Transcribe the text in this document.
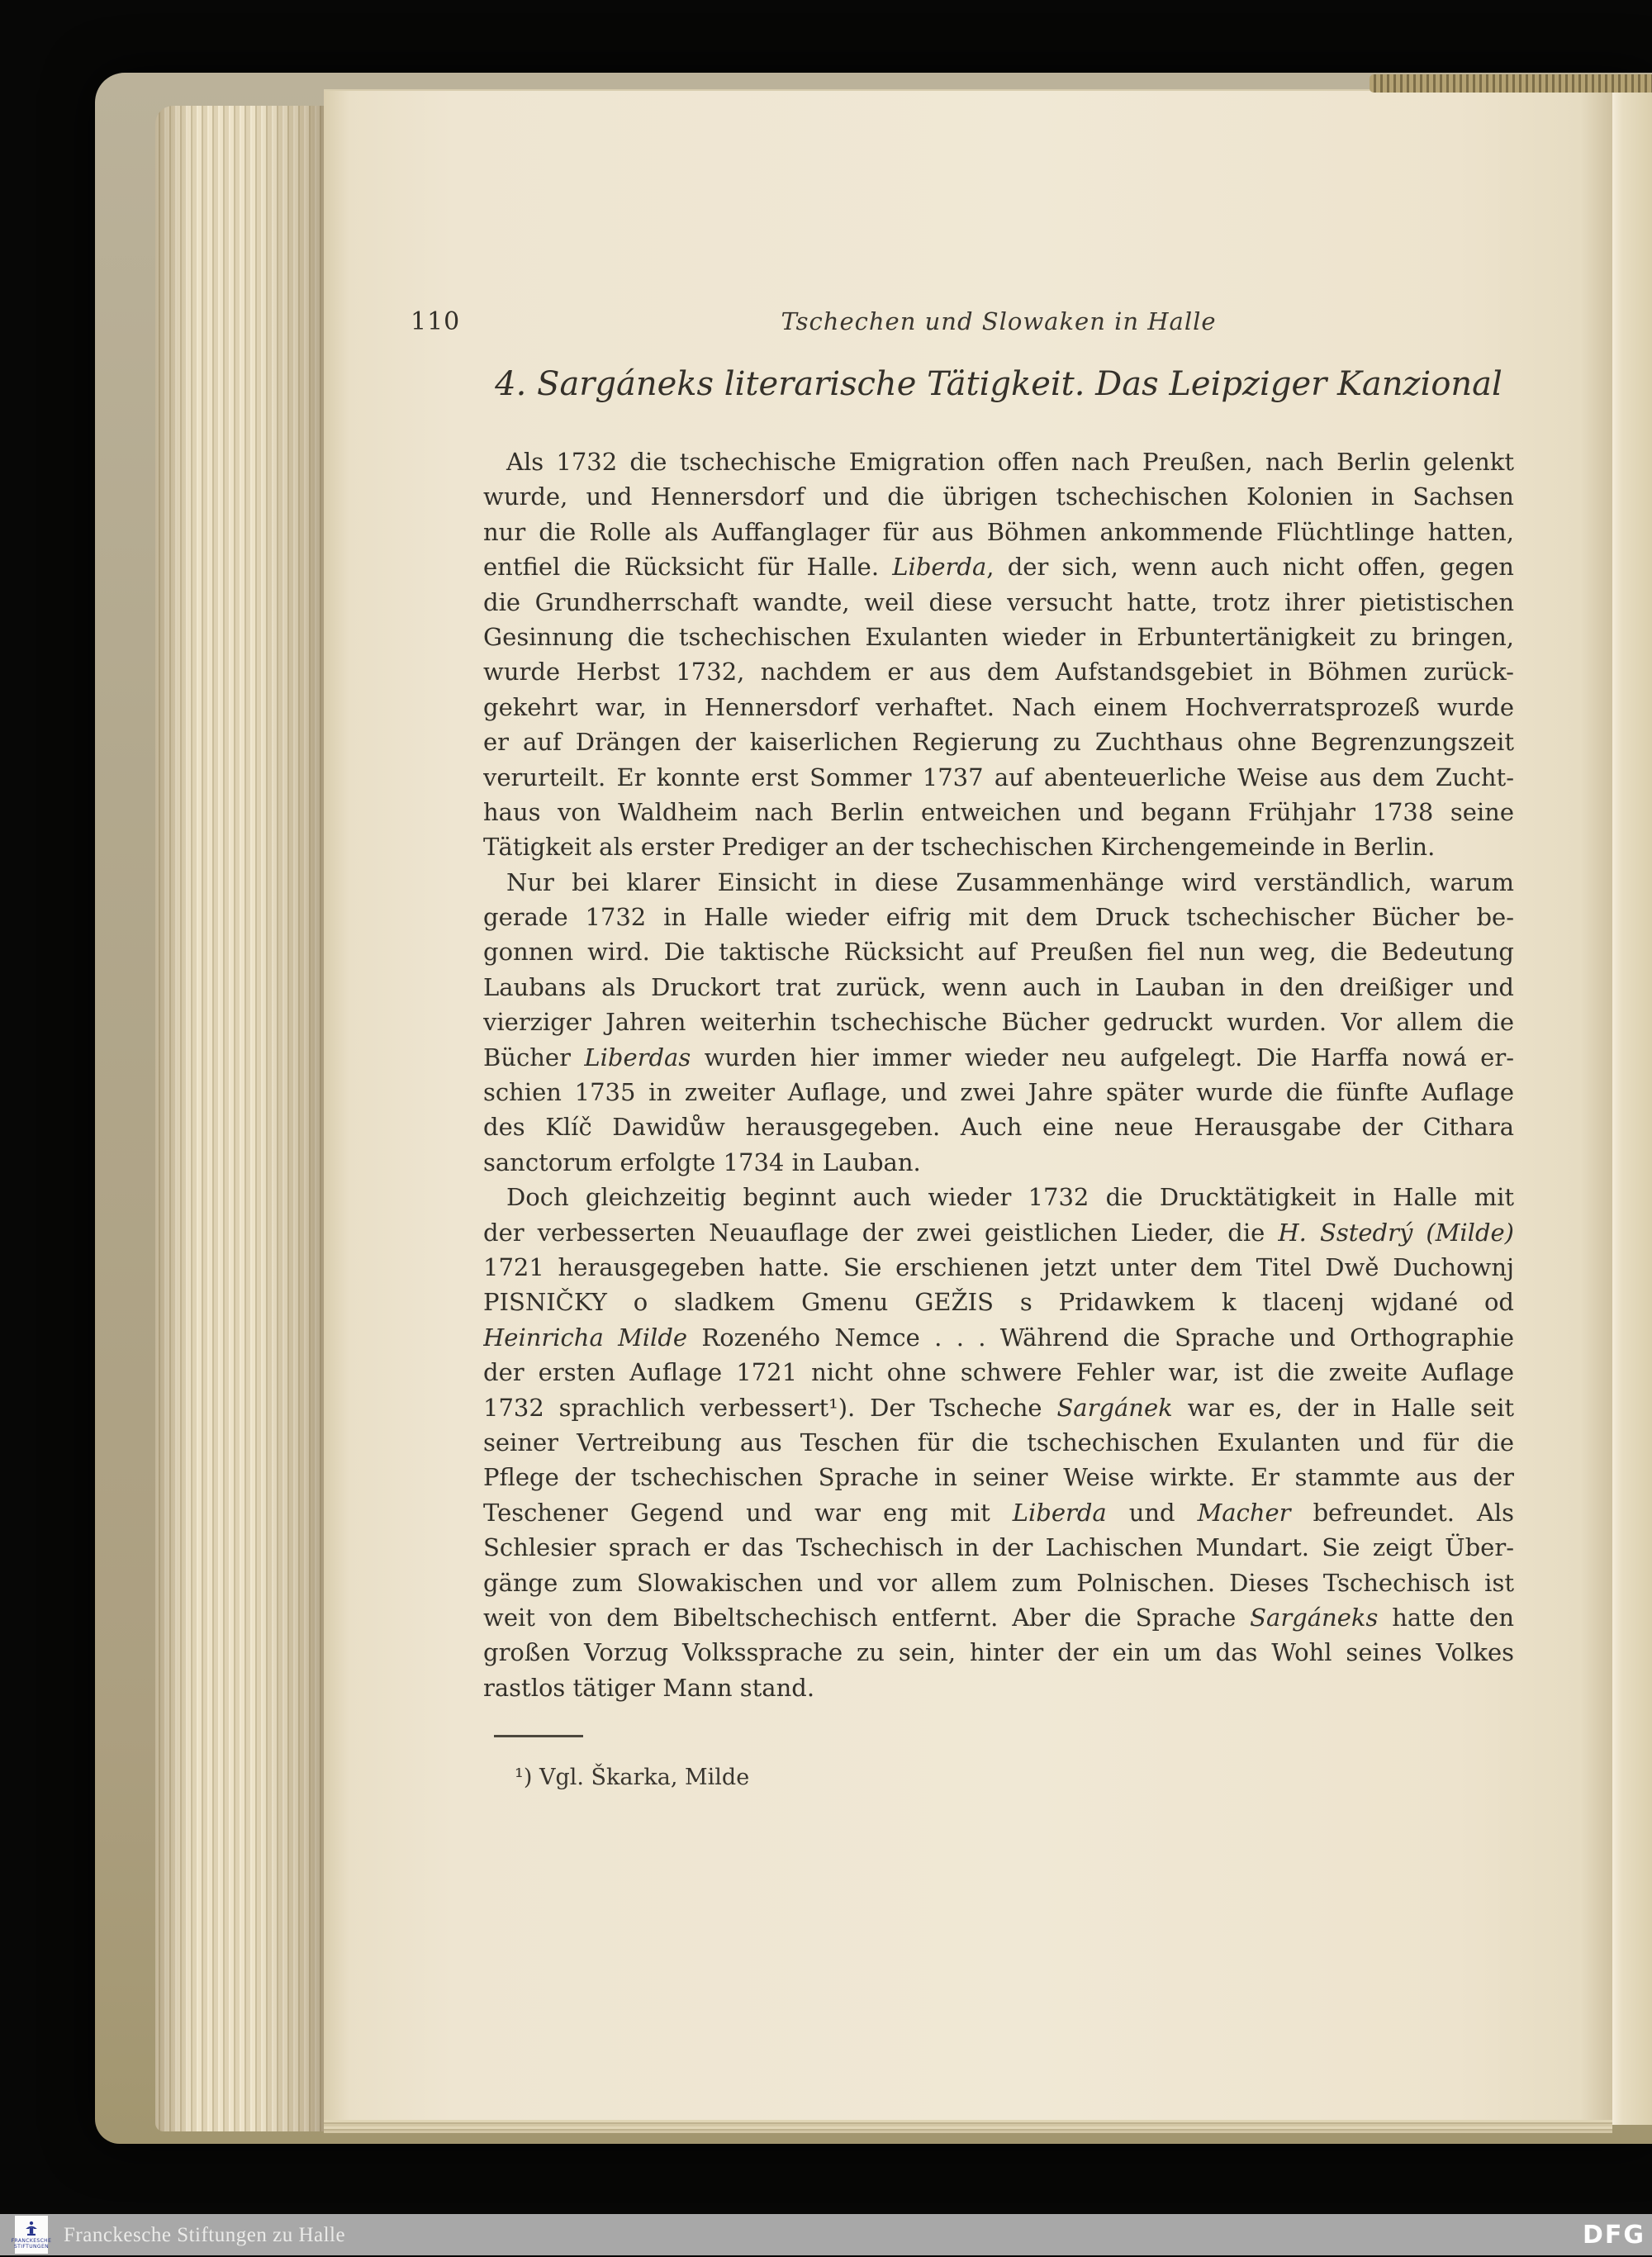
110	Tschechen und Slowaken in Halle
4. Sargáneks literarische Tätigkeit. Das Leipziger Kanzional
Als 1732 die tschechische Emigration offen nach Preußen, nach Berlin gelenkt
wurde, und Hennersdorf und die übrigen tschechischen Kolonien in Sachsen
nur die Rolle als Auffanglager für aus Böhmen ankommende Flüchtlinge hatten,
entfiel die Rücksicht für Halle. Liberda, der sich, wenn auch nicht offen, gegen
die Grundherrschaft wandte, weil diese versucht hatte, trotz ihrer pietistischen
Gesinnung die tschechischen Exulanten wieder in Erbuntertänigkeit zu bringen,
wurde Herbst 1732, nachdem er aus dem Aufstandsgebiet in Böhmen zurück-
gekehrt war, in Hennersdorf verhaftet. Nach einem Hochverratsprozeß wurde
er auf Drängen der kaiserlichen Regierung zu Zuchthaus ohne Begrenzungszeit
verurteilt. Er konnte erst Sommer 1737 auf abenteuerliche Weise aus dem Zucht-
haus von Waldheim nach Berlin entweichen und begann Frühjahr 1738 seine
Tätigkeit als erster Prediger an der tschechischen Kirchengemeinde in Berlin.
Nur bei klarer Einsicht in diese Zusammenhänge wird verständlich, warum
gerade 1732 in Halle wieder eifrig mit dem Druck tschechischer Bücher be-
gonnen wird. Die taktische Rücksicht auf Preußen fiel nun weg, die Bedeutung
Laubans als Druckort trat zurück, wenn auch in Lauban in den dreißiger und
vierziger Jahren weiterhin tschechische Bücher gedruckt wurden. Vor allem die
Bücher Liberdas wurden hier immer wieder neu aufgelegt. Die Harffa nowá er-
schien 1735 in zweiter Auflage, und zwei Jahre später wurde die fünfte Auflage
des Klíč Dawidůw herausgegeben. Auch eine neue Herausgabe der Cithara
sanctorum erfolgte 1734 in Lauban.
Doch gleichzeitig beginnt auch wieder 1732 die Drucktätigkeit in Halle mit
der verbesserten Neuauflage der zwei geistlichen Lieder, die H. Sstedrý (Milde)
1721 herausgegeben hatte. Sie erschienen jetzt unter dem Titel Dwě Duchownj
PISNIČKY o sladkem Gmenu GEŽIS s Pridawkem k tlacenj wjdané od
Heinricha Milde Rozeného Nemce . . . Während die Sprache und Orthographie
der ersten Auflage 1721 nicht ohne schwere Fehler war, ist die zweite Auflage
1732 sprachlich verbessert¹). Der Tscheche Sargánek war es, der in Halle seit
seiner Vertreibung aus Teschen für die tschechischen Exulanten und für die
Pflege der tschechischen Sprache in seiner Weise wirkte. Er stammte aus der
Teschener Gegend und war eng mit Liberda und Macher befreundet. Als
Schlesier sprach er das Tschechisch in der Lachischen Mundart. Sie zeigt Über-
gänge zum Slowakischen und vor allem zum Polnischen. Dieses Tschechisch ist
weit von dem Bibeltschechisch entfernt. Aber die Sprache Sargáneks hatte den
großen Vorzug Volkssprache zu sein, hinter der ein um das Wohl seines Volkes
rastlos tätiger Mann stand.
¹) Vgl. Škarka, Milde
FRANCKESCHE
STIFTUNGEN Franckesche Stiftungen zu Halle	DFG
